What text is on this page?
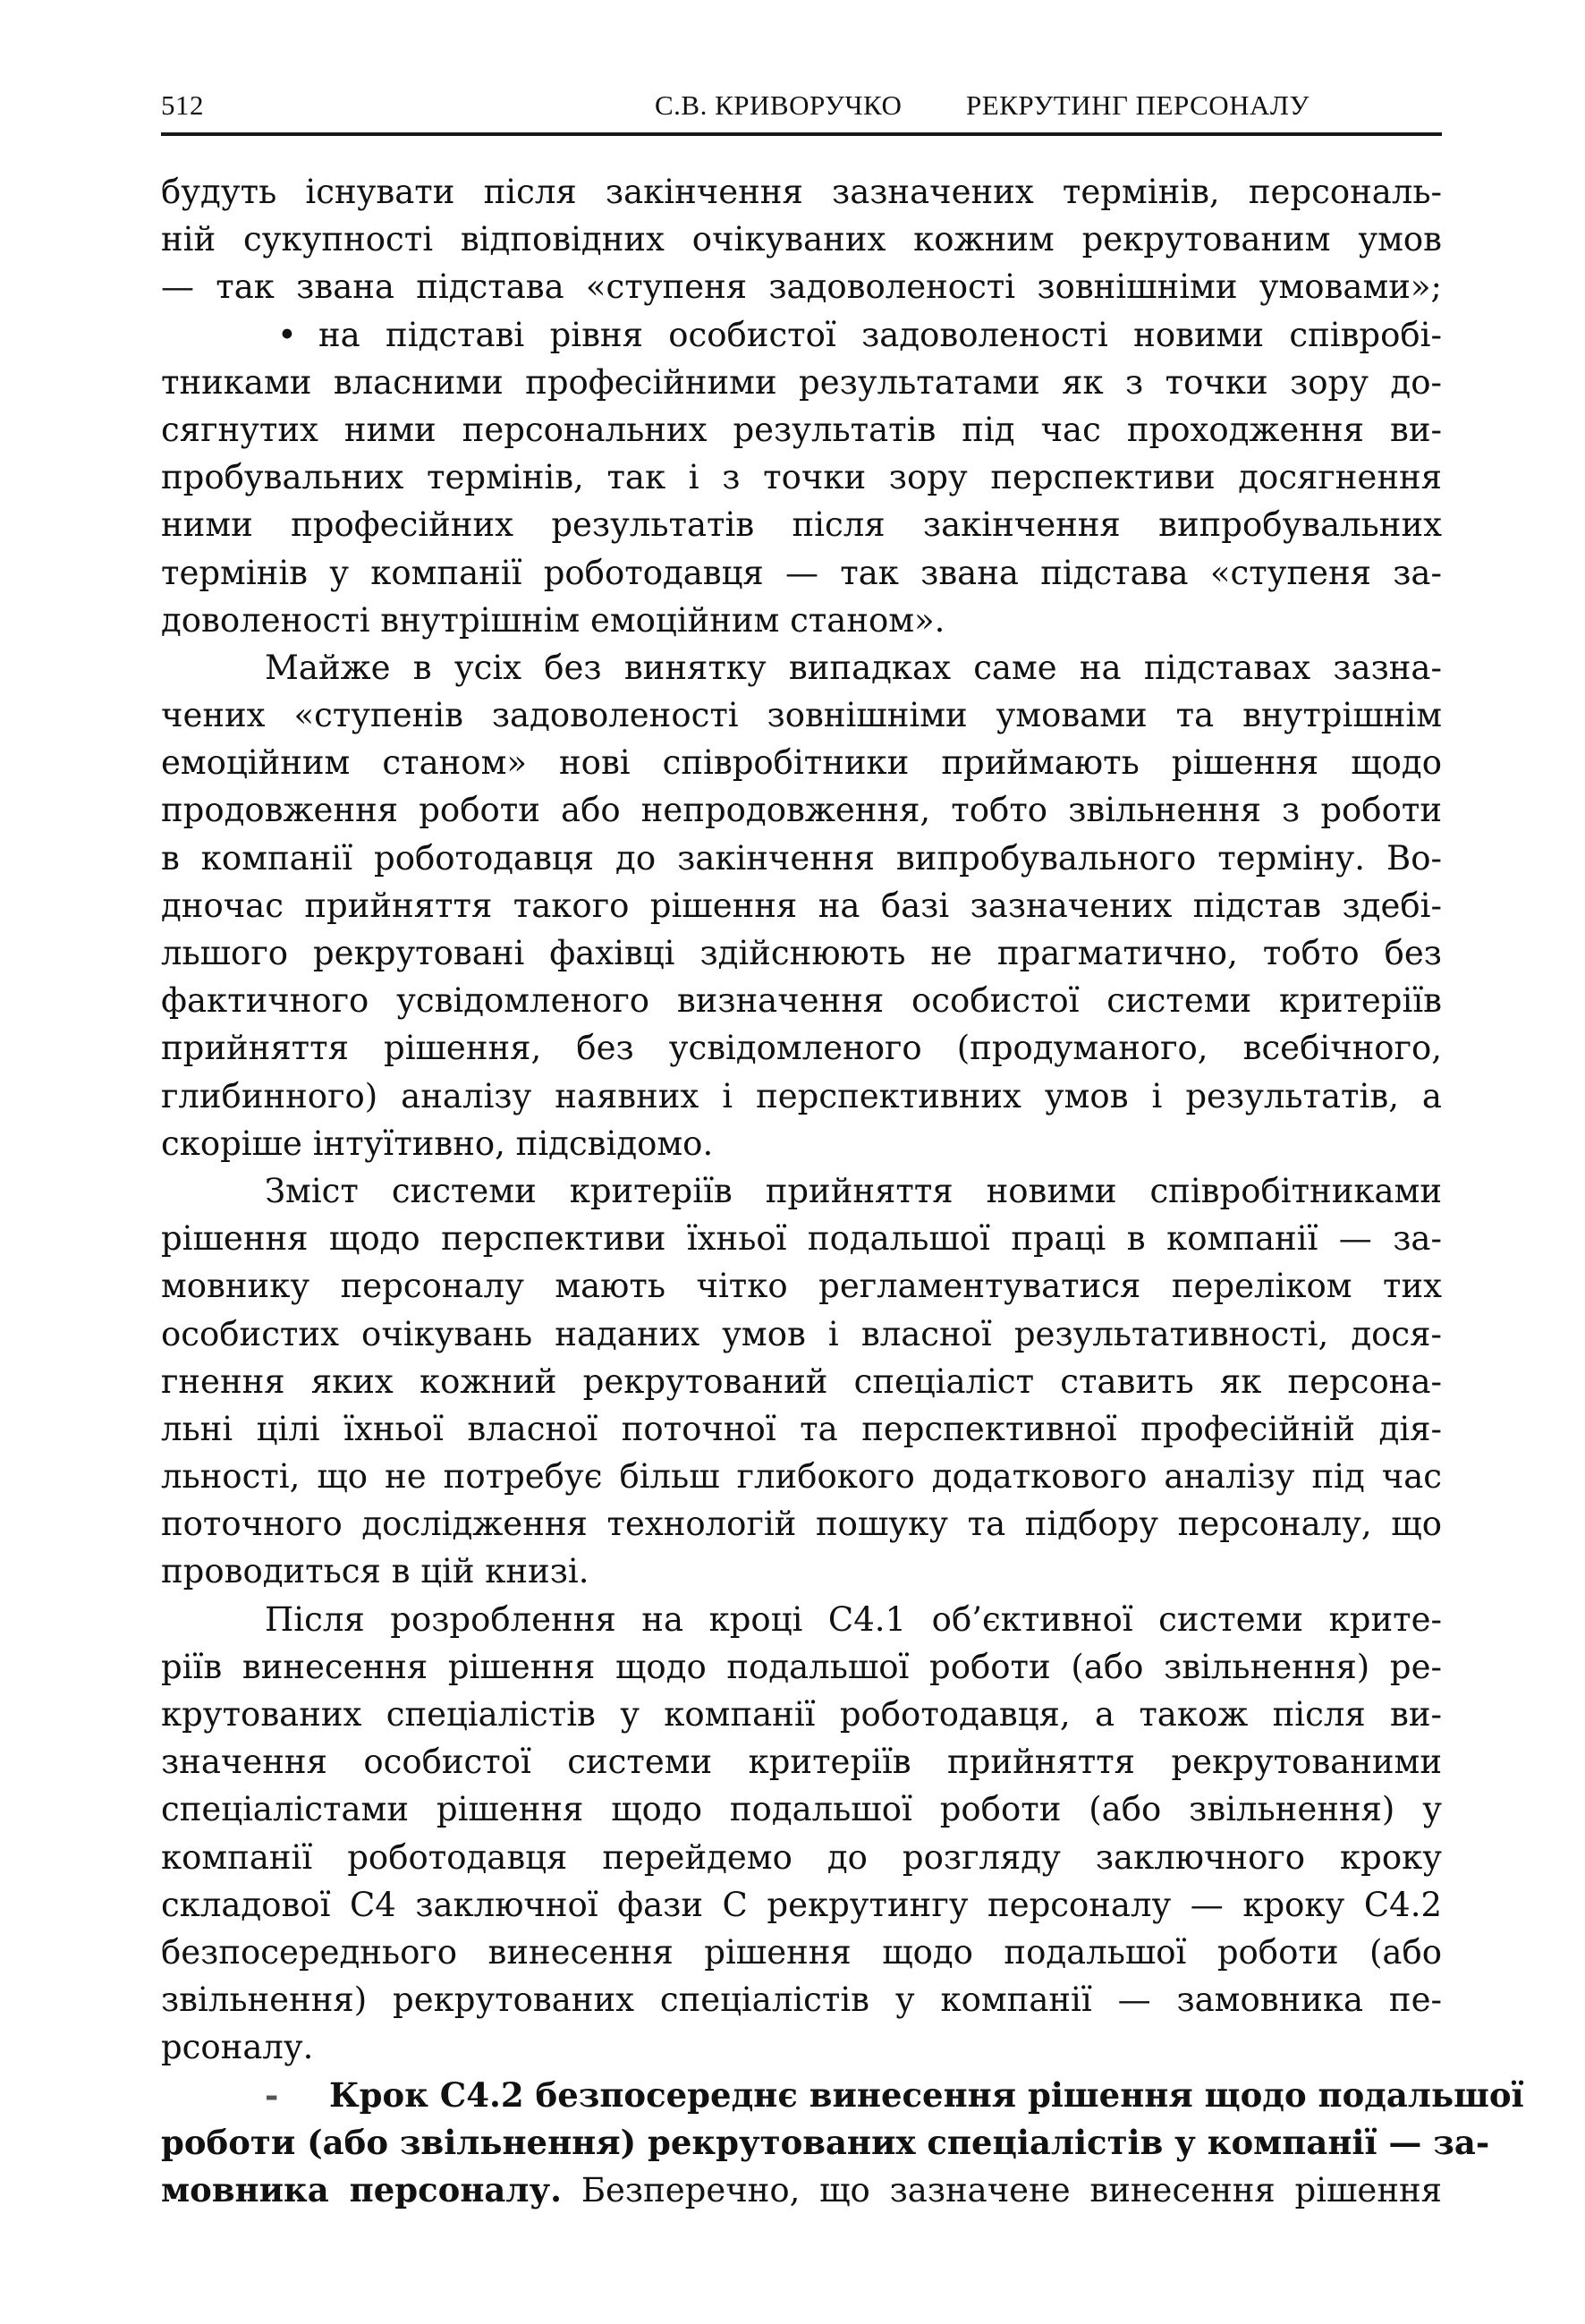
512	С.В. КРИВОРУЧКО РЕКРУТИНГ ПЕРСОНАЛУ
будуть існувати після закінчення зазначених термінів, персональ-
ній сукупності відповідних очікуваних кожним рекрутованим умов
— так звана підстава «ступеня задоволеності зовнішніми умовами»;
• на підставі рівня особистої задоволеності новими співробі-
тниками власними професійними результатами як з точки зору до-
сягнутих ними персональних результатів під час проходження ви-
пробувальних термінів, так і з точки зору перспективи досягнення
ними професійних результатів після закінчення випробувальних
термінів у компанії роботодавця — так звана підстава «ступеня за-
доволеності внутрішнім емоційним станом».
Майже в усіх без винятку випадках саме на підставах зазна-
чених «ступенів задоволеності зовнішніми умовами та внутрішнім
емоційним станом» нові співробітники приймають рішення щодо
продовження роботи або непродовження, тобто звільнення з роботи
в компанії роботодавця до закінчення випробувального терміну. Во-
дночас прийняття такого рішення на базі зазначених підстав здебі-
льшого рекрутовані фахівці здійснюють не прагматично, тобто без
фактичного усвідомленого визначення особистої системи критеріїв
прийняття рішення, без усвідомленого (продуманого, всебічного,
глибинного) аналізу наявних і перспективних умов і результатів, а
скоріше інтуїтивно, підсвідомо.
Зміст системи критеріїв прийняття новими співробітниками
рішення щодо перспективи їхньої подальшої праці в компанії — за-
мовнику персоналу мають чітко регламентуватися переліком тих
особистих очікувань наданих умов і власної результативності, дося-
гнення яких кожний рекрутований спеціаліст ставить як персона-
льні цілі їхньої власної поточної та перспективної професійній дія-
льності, що не потребує більш глибокого додаткового аналізу під час
поточного дослідження технологій пошуку та підбору персоналу, що
проводиться в цій книзі.
Після розроблення на кроці С4.1 об’єктивної системи крите-
ріїв винесення рішення щодо подальшої роботи (або звільнення) ре-
крутованих спеціалістів у компанії роботодавця, а також після ви-
значення особистої системи критеріїв прийняття рекрутованими
спеціалістами рішення щодо подальшої роботи (або звільнення) у
компанії роботодавця перейдемо до розгляду заключного кроку
складової С4 заключної фази С рекрутингу персоналу — кроку С4.2
безпосереднього винесення рішення щодо подальшої роботи (або
звільнення) рекрутованих спеціалістів у компанії — замовника пе-
рсоналу.
- Крок С4.2 безпосереднє винесення рішення щодо подальшої
роботи (або звільнення) рекрутованих спеціалістів у компанії — за-
мовника персоналу. Безперечно, що зазначене винесення рішення
